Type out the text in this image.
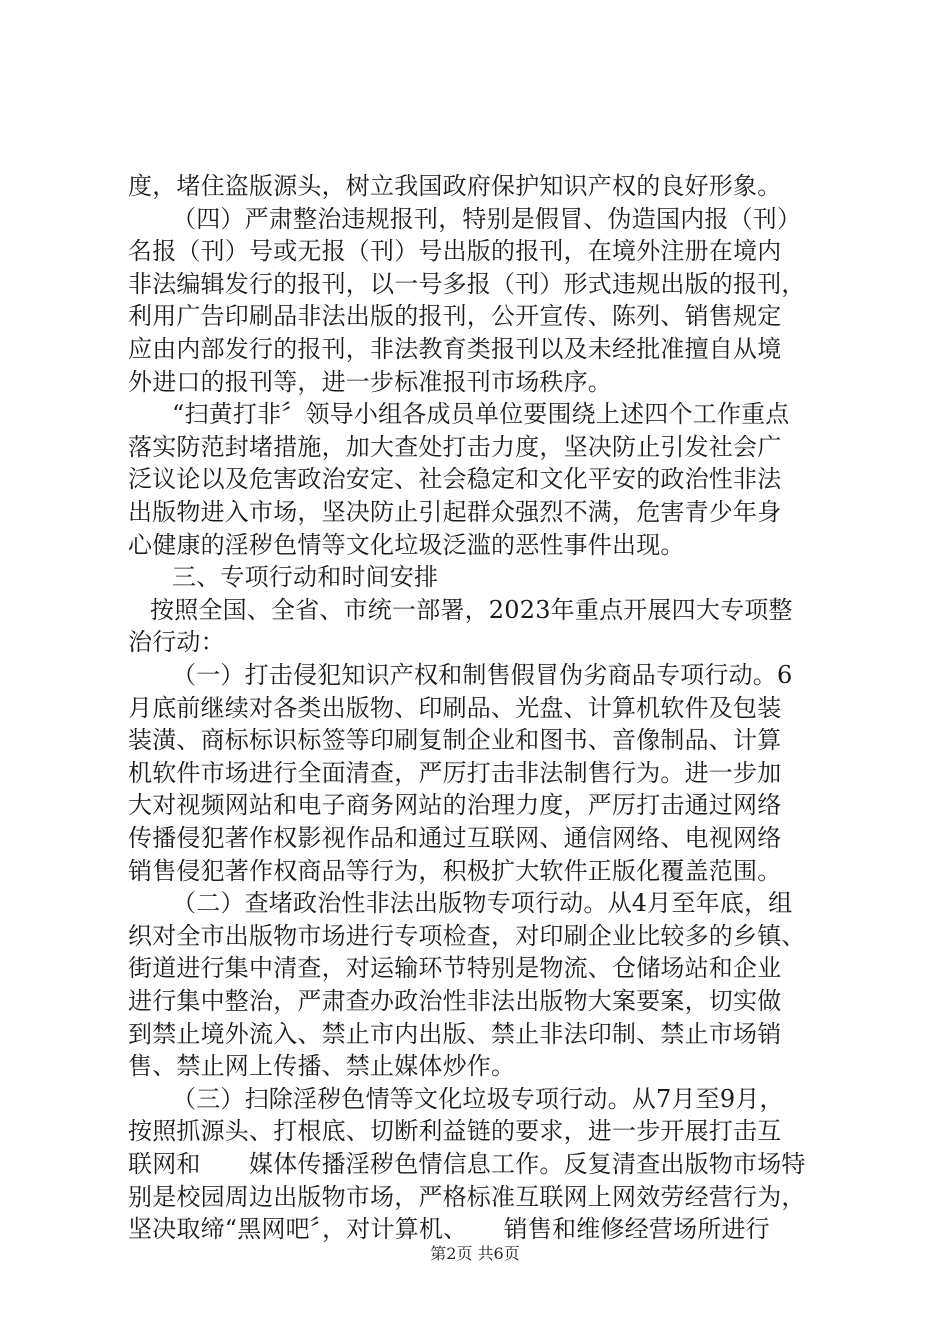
度，堵住盗版源头，树立我国政府保护知识产权的良好形象。
（四）严肃整治违规报刊，特别是假冒、伪造国内报（刊）
名报（刊）号或无报（刊）号出版的报刊，在境外注册在境内
非法编辑发行的报刊，以一号多报（刊）形式违规出版的报刊，
利用广告印刷品非法出版的报刊，公开宣传、陈列、销售规定
应由内部发行的报刊，非法教育类报刊以及未经批准擅自从境
外进口的报刊等，进一步标准报刊市场秩序。
“扫黄打非〞领导小组各成员单位要围绕上述四个工作重点
落实防范封堵措施，加大查处打击力度，坚决防止引发社会广
泛议论以及危害政治安定、社会稳定和文化平安的政治性非法
出版物进入市场，坚决防止引起群众强烈不满，危害青少年身
心健康的淫秽色情等文化垃圾泛滥的恶性事件出现。
三、专项行动和时间安排
按照全国、全省、市统一部署，2023年重点开展四大专项整
治行动：
（一）打击侵犯知识产权和制售假冒伪劣商品专项行动。6
月底前继续对各类出版物、印刷品、光盘、计算机软件及包装
装潢、商标标识标签等印刷复制企业和图书、音像制品、计算
机软件市场进行全面清查，严厉打击非法制售行为。进一步加
大对视频网站和电子商务网站的治理力度，严厉打击通过网络
传播侵犯著作权影视作品和通过互联网、通信网络、电视网络
销售侵犯著作权商品等行为，积极扩大软件正版化覆盖范围。
（二）查堵政治性非法出版物专项行动。从4月至年底，组
织对全市出版物市场进行专项检查，对印刷企业比较多的乡镇、
街道进行集中清查，对运输环节特别是物流、仓储场站和企业
进行集中整治，严肃查办政治性非法出版物大案要案，切实做
到禁止境外流入、禁止市内出版、禁止非法印制、禁止市场销
售、禁止网上传播、禁止媒体炒作。
（三）扫除淫秽色情等文化垃圾专项行动。从7月至9月，
按照抓源头、打根底、切断利益链的要求，进一步开展打击互
联网和　　媒体传播淫秽色情信息工作。反复清查出版物市场特
别是校园周边出版物市场，严格标准互联网上网效劳经营行为，
坚决取缔“黑网吧〞，对计算机、　　销售和维修经营场所进行
第2页 共6页
